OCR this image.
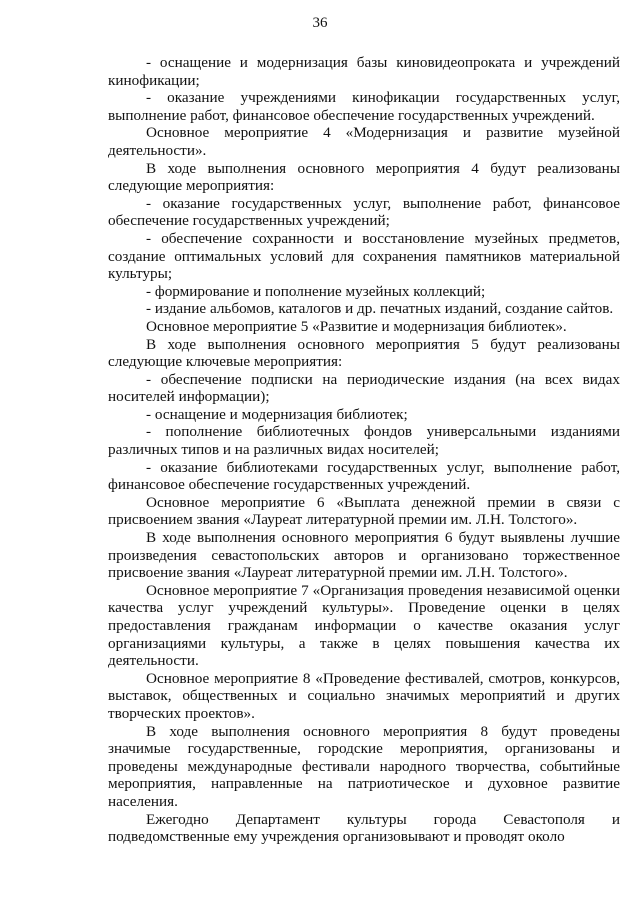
36

- оснащение и модернизация базы киновидеопроката и учреждений кинофикации;

- оказание учреждениями кинофикации государственных услуг, выполнение работ, финансовое обеспечение государственных учреждений.

Основное мероприятие 4 «Модернизация и развитие музейной деятельности».

В ходе выполнения основного мероприятия 4 будут реализованы следующие мероприятия:

- оказание государственных услуг, выполнение работ, финансовое обеспечение государственных учреждений;

- обеспечение сохранности и восстановление музейных предметов, создание оптимальных условий для сохранения памятников материальной культуры;

- формирование и пополнение музейных коллекций;

- издание альбомов, каталогов и др. печатных изданий, создание сайтов.

Основное мероприятие 5 «Развитие и модернизация библиотек».

В ходе выполнения основного мероприятия 5 будут реализованы следующие ключевые мероприятия:

- обеспечение подписки на периодические издания (на всех видах носителей информации);

- оснащение и модернизация библиотек;

- пополнение библиотечных фондов универсальными изданиями различных типов и на различных видах носителей;

- оказание библиотеками государственных услуг, выполнение работ, финансовое обеспечение государственных учреждений.

Основное мероприятие 6 «Выплата денежной премии в связи с присвоением звания «Лауреат литературной премии им. Л.Н. Толстого».

В ходе выполнения основного мероприятия 6 будут выявлены лучшие произведения севастопольских авторов и организовано торжественное присвоение звания «Лауреат литературной премии им. Л.Н. Толстого».

Основное мероприятие 7 «Организация проведения независимой оценки качества услуг учреждений культуры». Проведение оценки в целях предоставления гражданам информации о качестве оказания услуг организациями культуры, а также в целях повышения качества их деятельности.

Основное мероприятие 8 «Проведение фестивалей, смотров, конкурсов, выставок, общественных и социально значимых мероприятий и других творческих проектов».

В ходе выполнения основного мероприятия 8 будут проведены значимые государственные, городские мероприятия, организованы и проведены международные фестивали народного творчества, событийные мероприятия, направленные на патриотическое и духовное развитие населения.

Ежегодно Департамент культуры города Севастополя и подведомственные ему учреждения организовывают и проводят около
